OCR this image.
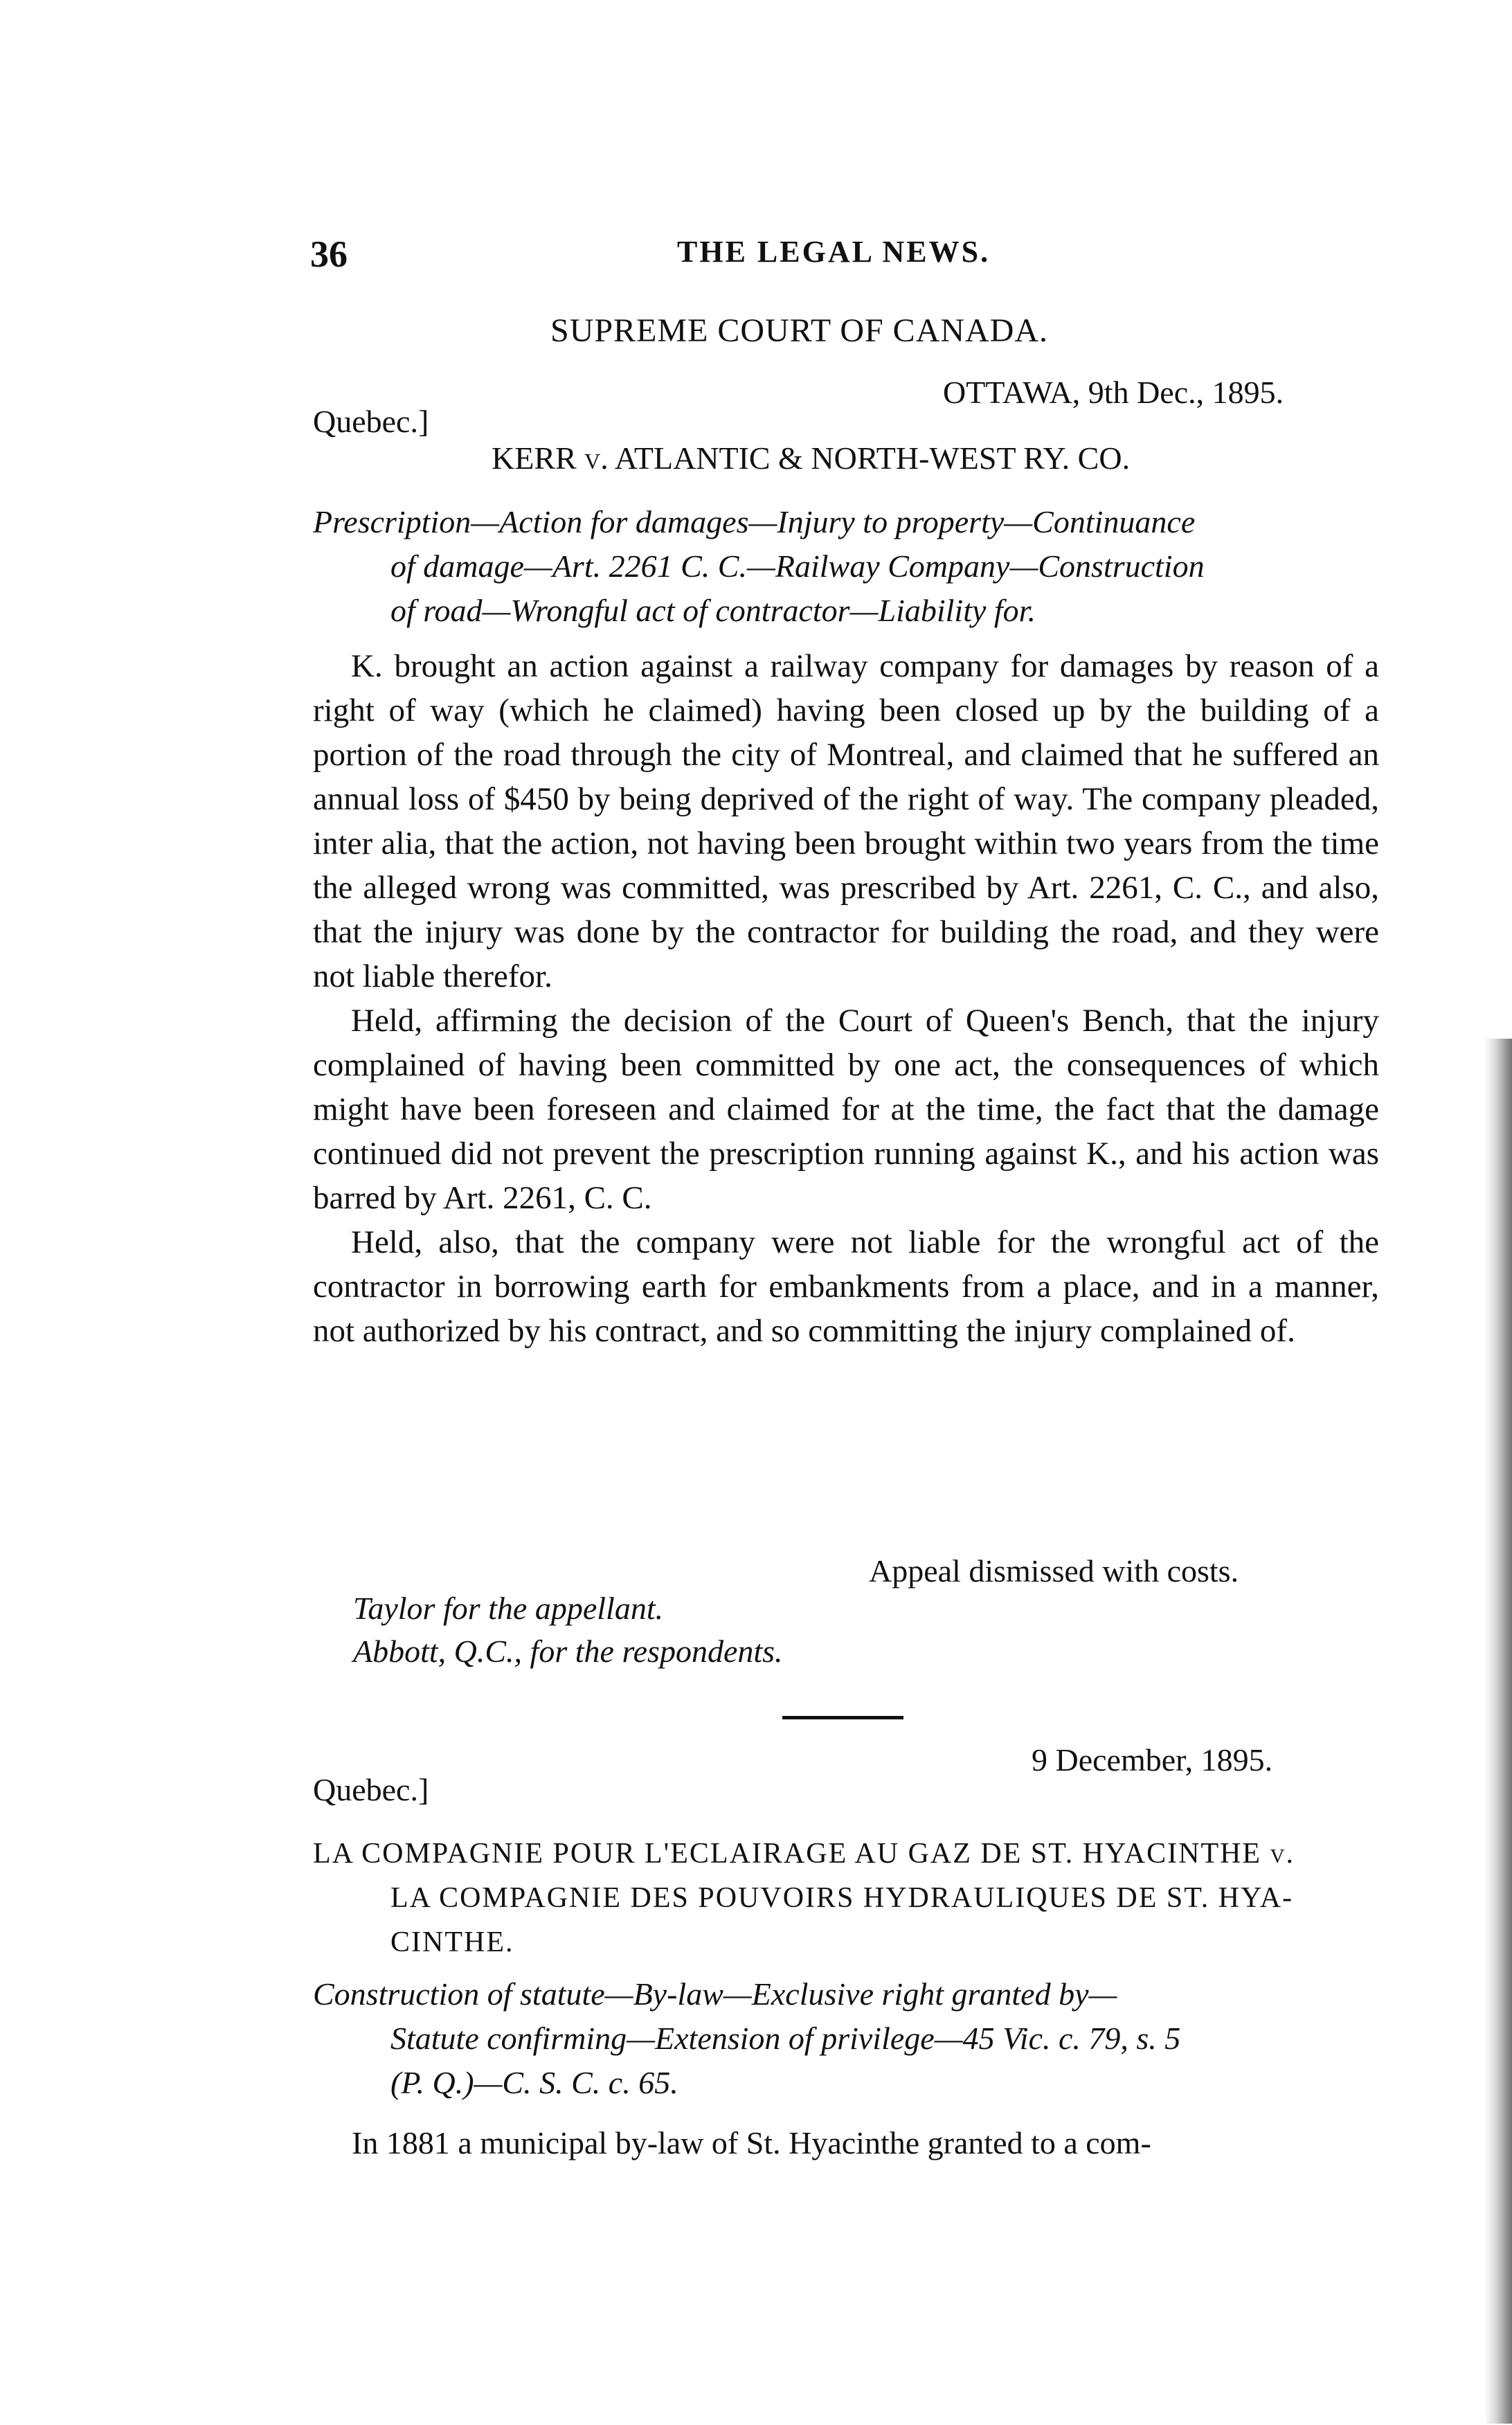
36	THE LEGAL NEWS.
SUPREME COURT OF CANADA.
OTTAWA, 9th Dec., 1895.
Quebec.]
KERR v. ATLANTIC & NORTH-WEST RY. CO.
Prescription—Action for damages—Injury to property—Continuance
of damage—Art. 2261 C. C.—Railway Company—Construction
of road—Wrongful act of contractor—Liability for.

K. brought an action against a railway company for damages by reason of a right of way (which he claimed) having been closed up by the building of a portion of the road through the city of Montreal, and claimed that he suffered an annual loss of $450 by being deprived of the right of way. The company pleaded, inter alia, that the action, not having been brought within two years from the time the alleged wrong was committed, was prescribed by Art. 2261, C. C., and also, that the injury was done by the contractor for building the road, and they were not liable therefor.

Held, affirming the decision of the Court of Queen's Bench, that the injury complained of having been committed by one act, the consequences of which might have been foreseen and claimed for at the time, the fact that the damage continued did not prevent the prescription running against K., and his action was barred by Art. 2261, C. C.

Held, also, that the company were not liable for the wrongful act of the contractor in borrowing earth for embankments from a place, and in a manner, not authorized by his contract, and so committing the injury complained of.

Appeal dismissed with costs.
Taylor for the appellant.
Abbott, Q.C., for the respondents.
9 December, 1895.
Quebec.]
LA COMPAGNIE POUR L'ECLAIRAGE AU GAZ DE ST. HYACINTHE v.
LA COMPAGNIE DES POUVOIRS HYDRAULIQUES DE ST. HYA-
CINTHE.
Construction of statute—By-law—Exclusive right granted by—
Statute confirming—Extension of privilege—45 Vic. c. 79, s. 5
(P. Q.)—C. S. C. c. 65.
In 1881 a municipal by-law of St. Hyacinthe granted to a com-
